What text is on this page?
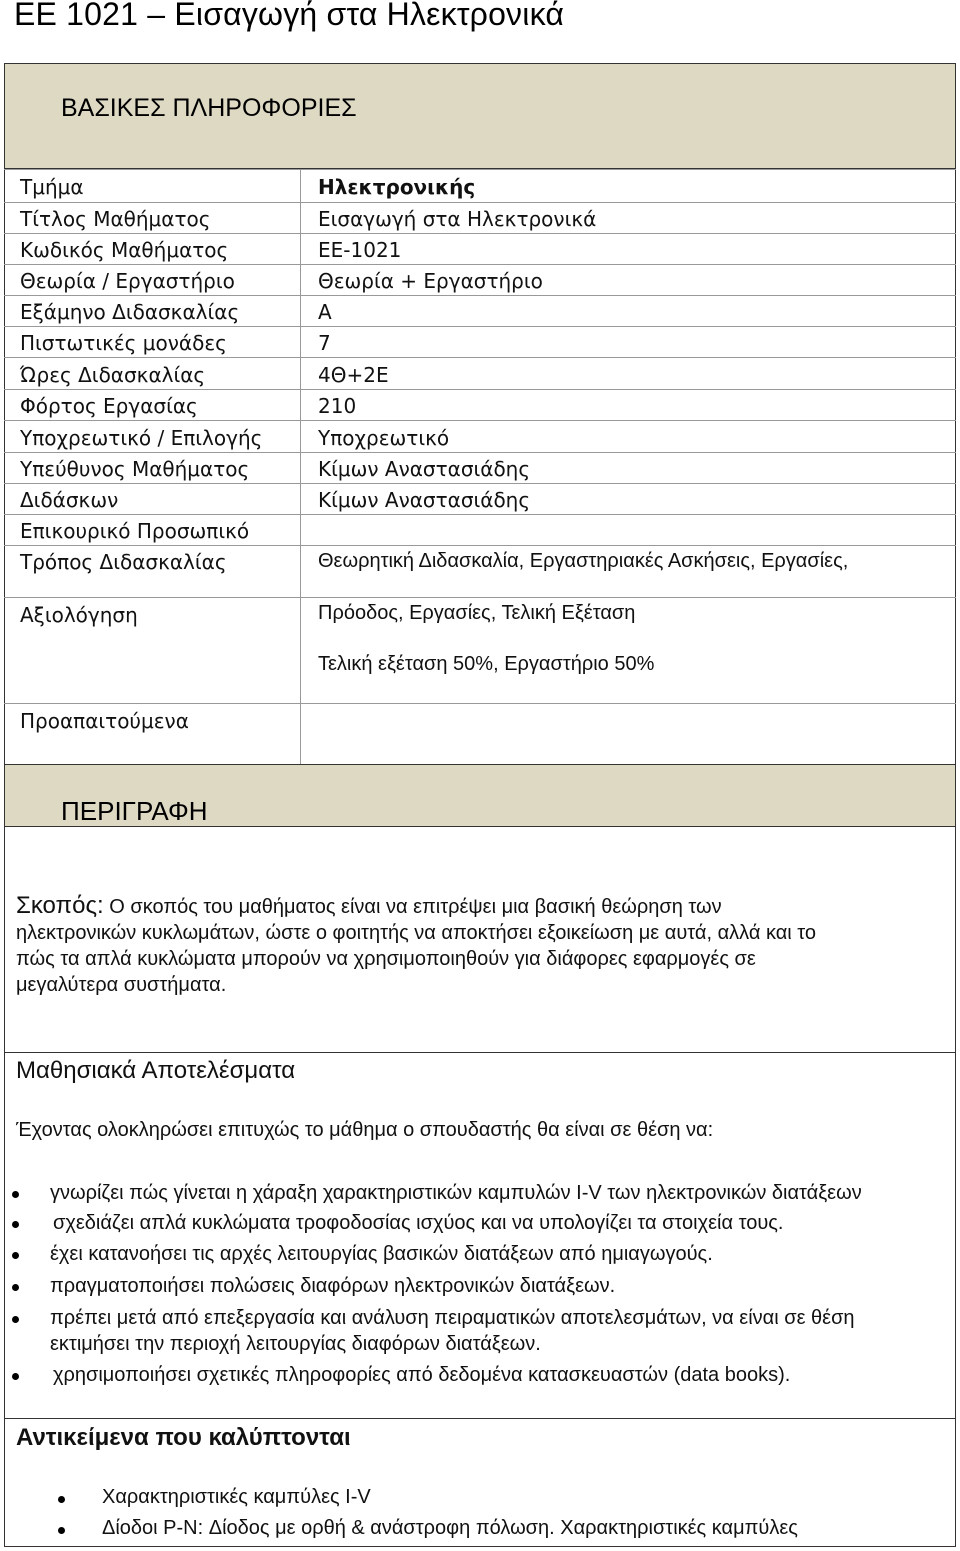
ΕΕ 1021 – Εισαγωγή στα Ηλεκτρονικά
ΒΑΣΙΚΕΣ ΠΛΗΡΟΦΟΡΙΕΣ
Τμήμα	Ηλεκτρονικής
Τίτλος Μαθήματος	Εισαγωγή στα Ηλεκτρονικά
Κωδικός Μαθήματος	ΕΕ-1021
Θεωρία / Εργαστήριο	Θεωρία + Εργαστήριο
Εξάμηνο Διδασκαλίας	Α
Πιστωτικές μονάδες	7
Ώρες Διδασκαλίας	4Θ+2Ε
Φόρτος Εργασίας	210
Υποχρεωτικό / Επιλογής	Υποχρεωτικό
Υπεύθυνος Μαθήματος	Κίμων Αναστασιάδης
Διδάσκων	Κίμων Αναστασιάδης
Επικουρικό Προσωπικό
Τρόπος Διδασκαλίας	Θεωρητική Διδασκαλία, Εργαστηριακές Ασκήσεις, Εργασίες,
Αξιολόγηση	Πρόοδος, Εργασίες, Τελική Εξέταση
Τελική εξέταση 50%, Εργαστήριο 50%
Προαπαιτούμενα
ΠΕΡΙΓΡΑΦΗ
Σκοπός: Ο σκοπός του μαθήματος είναι να επιτρέψει μια βασική θεώρηση των
ηλεκτρονικών κυκλωμάτων, ώστε ο φοιτητής να αποκτήσει εξοικείωση με αυτά, αλλά και το
πώς τα απλά κυκλώματα μπορούν να χρησιμοποιηθούν για διάφορες εφαρμογές σε
μεγαλύτερα συστήματα.
Μαθησιακά Αποτελέσματα
Έχοντας ολοκληρώσει επιτυχώς το μάθημα ο σπουδαστής θα είναι σε θέση να:
γνωρίζει πώς γίνεται η χάραξη χαρακτηριστικών καμπυλών I-V των ηλεκτρονικών διατάξεων
σχεδιάζει απλά κυκλώματα τροφοδοσίας ισχύος και να υπολογίζει τα στοιχεία τους.
έχει κατανοήσει τις αρχές λειτουργίας βασικών διατάξεων από ημιαγωγούς.
πραγματοποιήσει πολώσεις διαφόρων ηλεκτρονικών διατάξεων.
πρέπει μετά από επεξεργασία και ανάλυση πειραματικών αποτελεσμάτων, να είναι σε θέση
εκτιμήσει την περιοχή λειτουργίας διαφόρων διατάξεων.
χρησιμοποιήσει σχετικές πληροφορίες από δεδομένα κατασκευαστών (data books).
Αντικείμενα που καλύπτονται
Χαρακτηριστικές καμπύλες I-V
Δίοδοι P-N: Δίοδος με ορθή & ανάστροφη πόλωση. Χαρακτηριστικές καμπύλες
